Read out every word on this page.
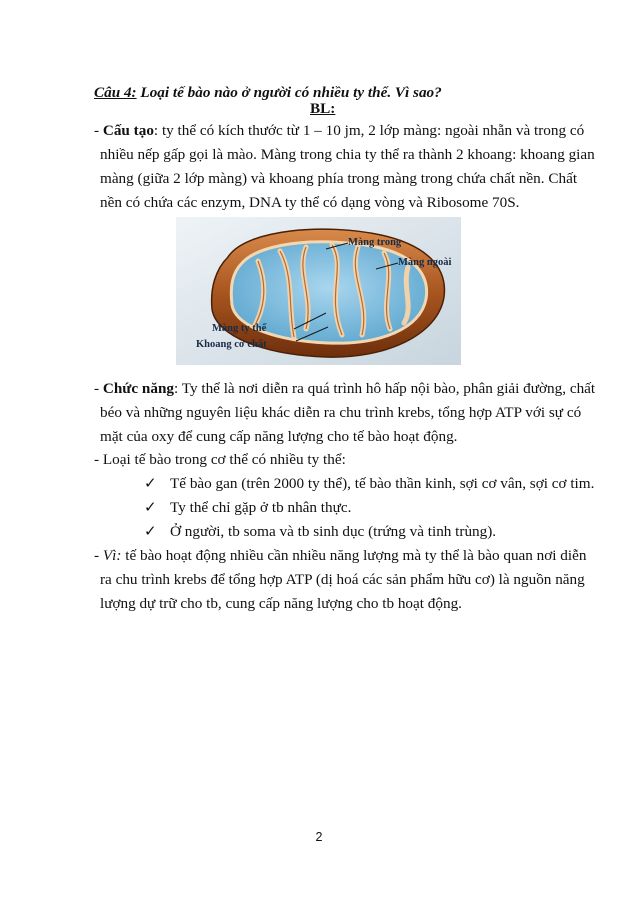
Câu 4: Loại tế bào nào ở người có nhiều ty thể. Vì sao?
BL:
- Cấu tạo: ty thể có kích thước từ 1 – 10 jm, 2 lớp màng: ngoài nhẵn và trong có
nhiều nếp gấp gọi là mào. Màng trong chia ty thể ra thành 2 khoang: khoang gian
màng (giữa 2 lớp màng) và khoang phía trong màng trong chứa chất nền. Chất
nền có chứa các enzym, DNA ty thể có dạng vòng và Ribosome 70S.
Màng trong
Màng ngoài
Màng ty thể
Khoang cơ chất
- Chức năng: Ty thể là nơi diễn ra quá trình hô hấp nội bào, phân giải đường, chất
béo và những nguyên liệu khác diễn ra chu trình krebs, tổng hợp ATP với sự có
mặt của oxy để cung cấp năng lượng cho tế bào hoạt động.
- Loại tế bào trong cơ thể có nhiều ty thể:
✓ Tế bào gan (trên 2000 ty thể), tế bào thần kinh, sợi cơ vân, sợi cơ tim.
✓ Ty thể chỉ gặp ở tb nhân thực.
✓ Ở người, tb soma và tb sinh dục (trứng và tinh trùng).
- Vì: tế bào hoạt động nhiều cần nhiều năng lượng mà ty thể là bào quan nơi diễn
ra chu trình krebs để tổng hợp ATP (dị hoá các sản phẩm hữu cơ) là nguồn năng
lượng dự trữ cho tb, cung cấp năng lượng cho tb hoạt động.
2
